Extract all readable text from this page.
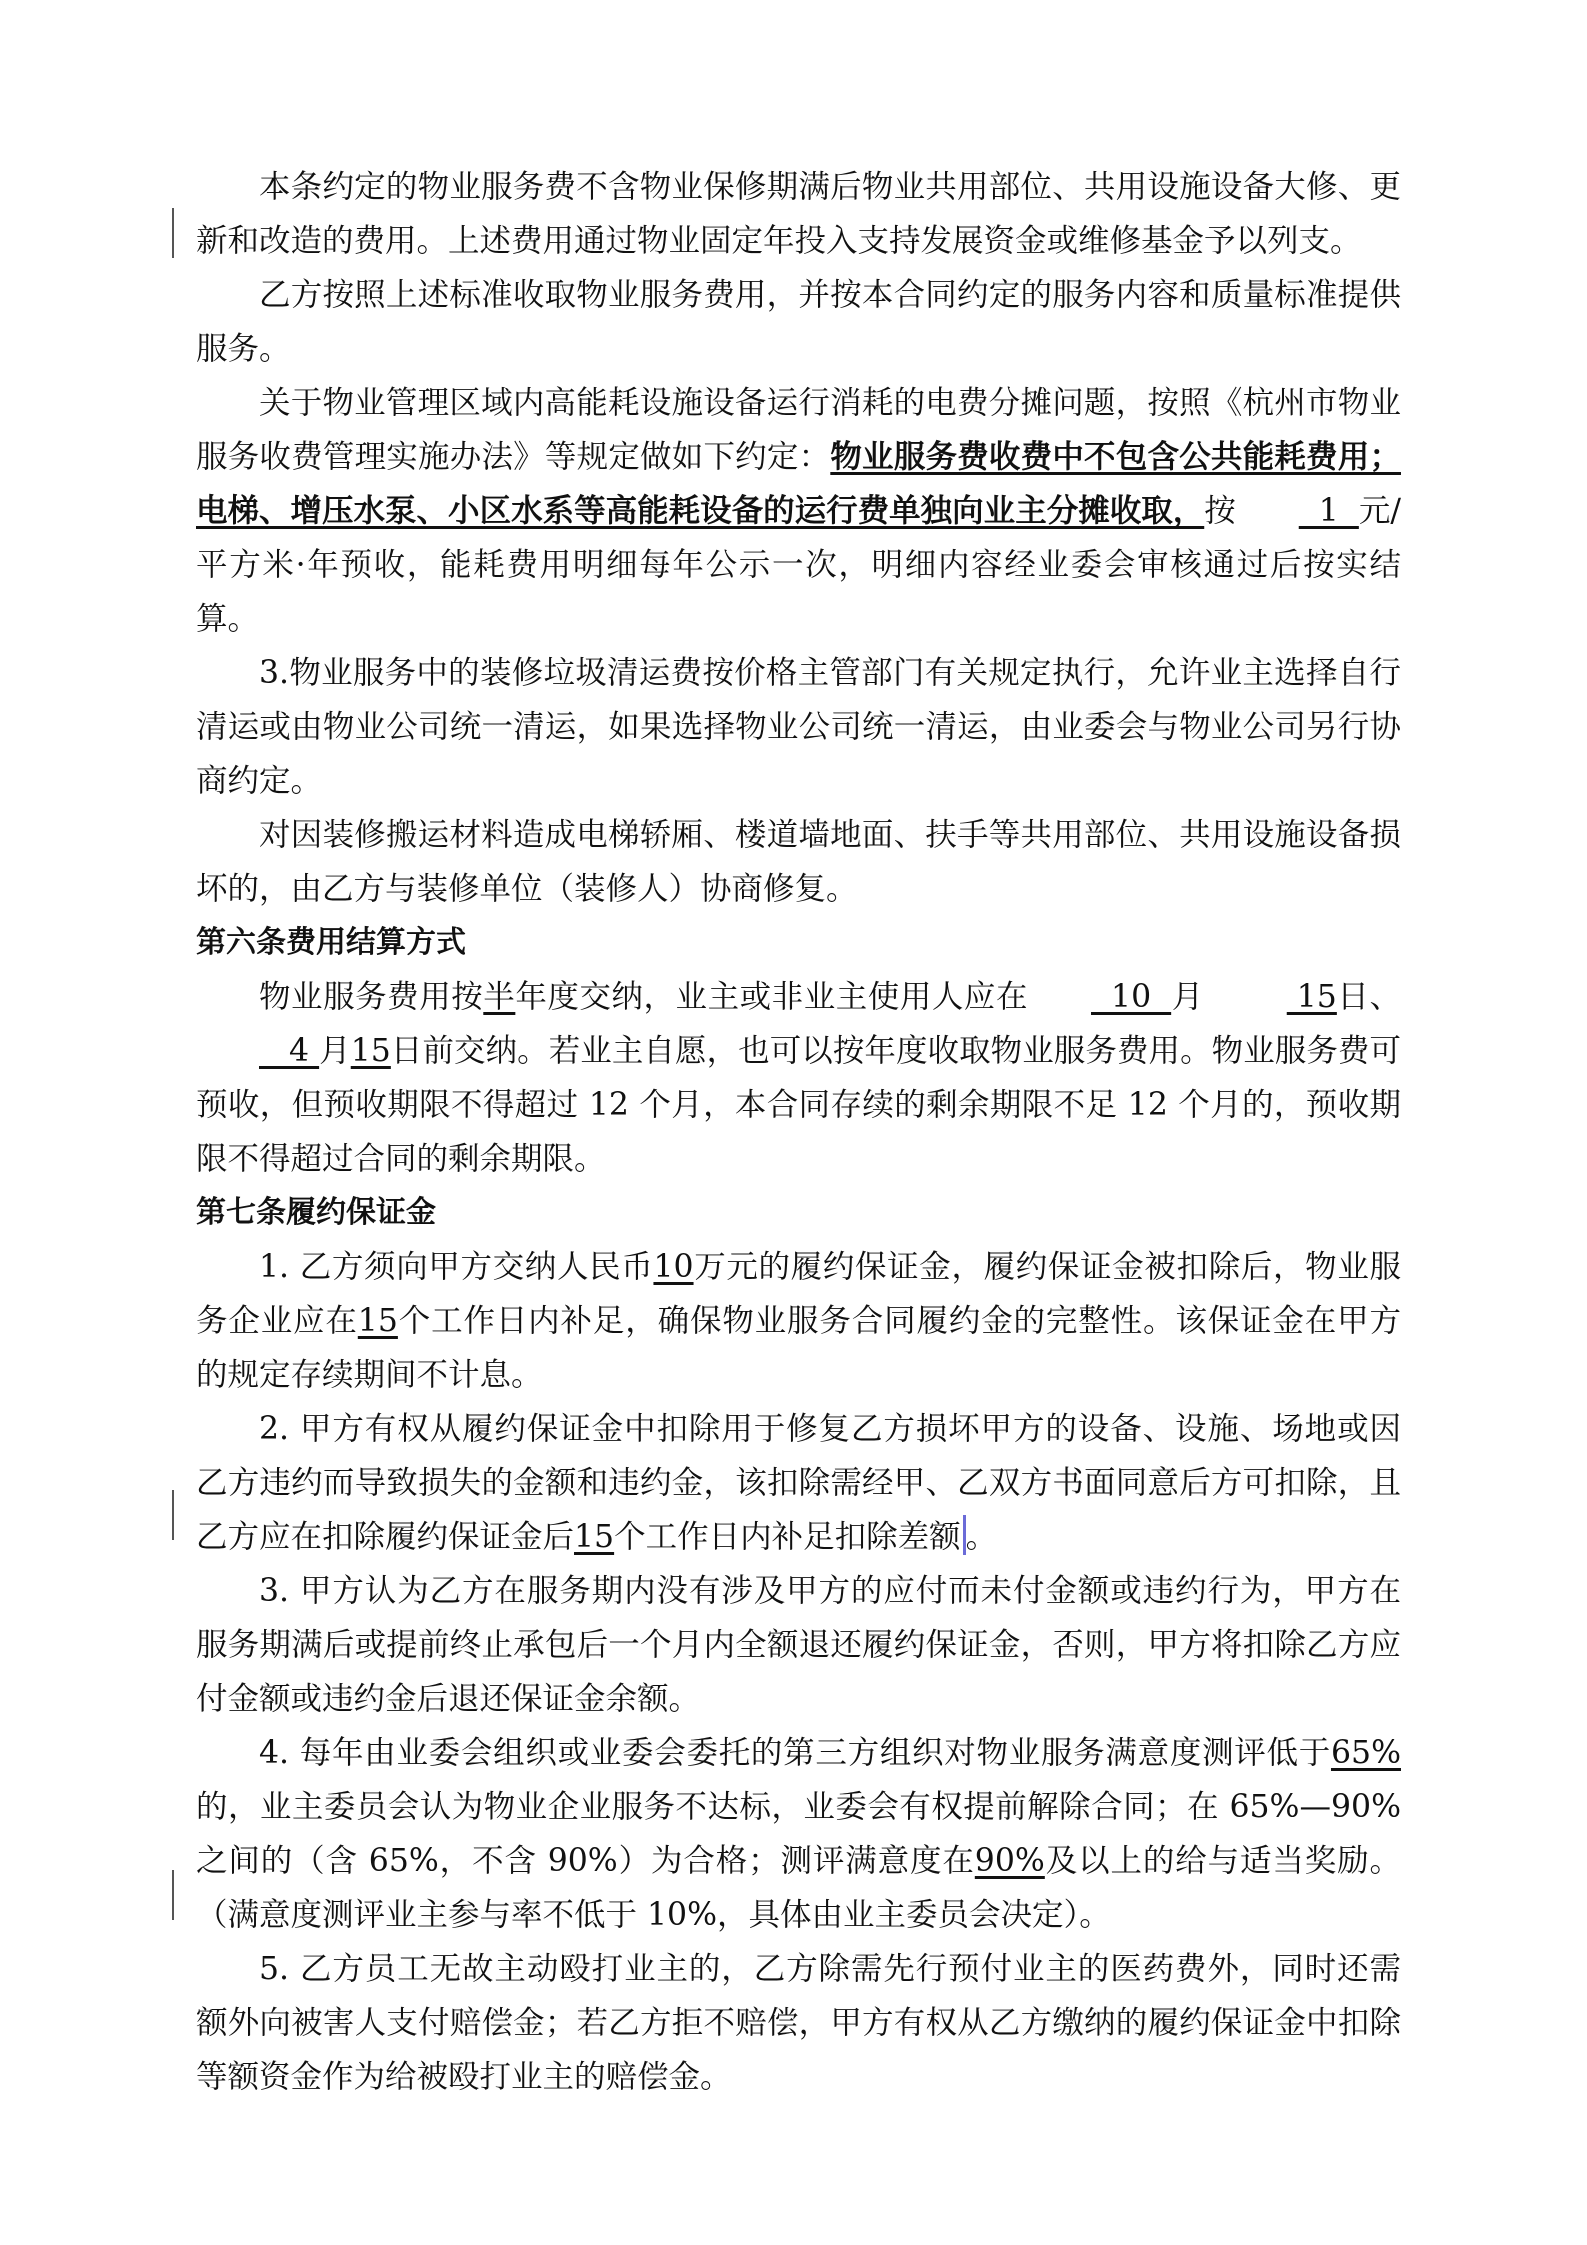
本条约定的物业服务费不含物业保修期满后物业共用部位、共用设施设备大修、更新和改造的费用。上述费用通过物业固定年投入支持发展资金或维修基金予以列支。

乙方按照上述标准收取物业服务费用，并按本合同约定的服务内容和质量标准提供服务。

关于物业管理区域内高能耗设施设备运行消耗的电费分摊问题，按照《杭州市物业服务收费管理实施办法》等规定做如下约定：物业服务费收费中不包含公共能耗费用；电梯、增压水泵、小区水系等高能耗设备的运行费单独向业主分摊收取，按  1  元/平方米·年预收，能耗费用明细每年公示一次，明细内容经业委会审核通过后按实结算。

3.物业服务中的装修垃圾清运费按价格主管部门有关规定执行，允许业主选择自行清运或由物业公司统一清运，如果选择物业公司统一清运，由业委会与物业公司另行协商约定。

对因装修搬运材料造成电梯轿厢、楼道墙地面、扶手等共用部位、共用设施设备损坏的，由乙方与装修单位（装修人）协商修复。

第六条费用结算方式

物业服务费用按半年度交纳，业主或非业主使用人应在  10  月	15日、   4 月15日前交纳。若业主自愿，也可以按年度收取物业服务费用。物业服务费可预收，但预收期限不得超过 12 个月，本合同存续的剩余期限不足 12 个月的，预收期限不得超过合同的剩余期限。

第七条履约保证金

1. 乙方须向甲方交纳人民币10万元的履约保证金，履约保证金被扣除后，物业服务企业应在15个工作日内补足，确保物业服务合同履约金的完整性。该保证金在甲方的规定存续期间不计息。

2. 甲方有权从履约保证金中扣除用于修复乙方损坏甲方的设备、设施、场地或因乙方违约而导致损失的金额和违约金，该扣除需经甲、乙双方书面同意后方可扣除，且乙方应在扣除履约保证金后15个工作日内补足扣除差额 。

3. 甲方认为乙方在服务期内没有涉及甲方的应付而未付金额或违约行为，甲方在服务期满后或提前终止承包后一个月内全额退还履约保证金，否则，甲方将扣除乙方应付金额或违约金后退还保证金余额。

4. 每年由业委会组织或业委会委托的第三方组织对物业服务满意度测评低于65%的，业主委员会认为物业企业服务不达标，业委会有权提前解除合同；在 65%—90%之间的（含 65%，不含 90%）为合格；测评满意度在90%及以上的给与适当奖励。（满意度测评业主参与率不低于 10%，具体由业主委员会决定）。

5. 乙方员工无故主动殴打业主的，乙方除需先行预付业主的医药费外，同时还需额外向被害人支付赔偿金；若乙方拒不赔偿，甲方有权从乙方缴纳的履约保证金中扣除等额资金作为给被殴打业主的赔偿金。
